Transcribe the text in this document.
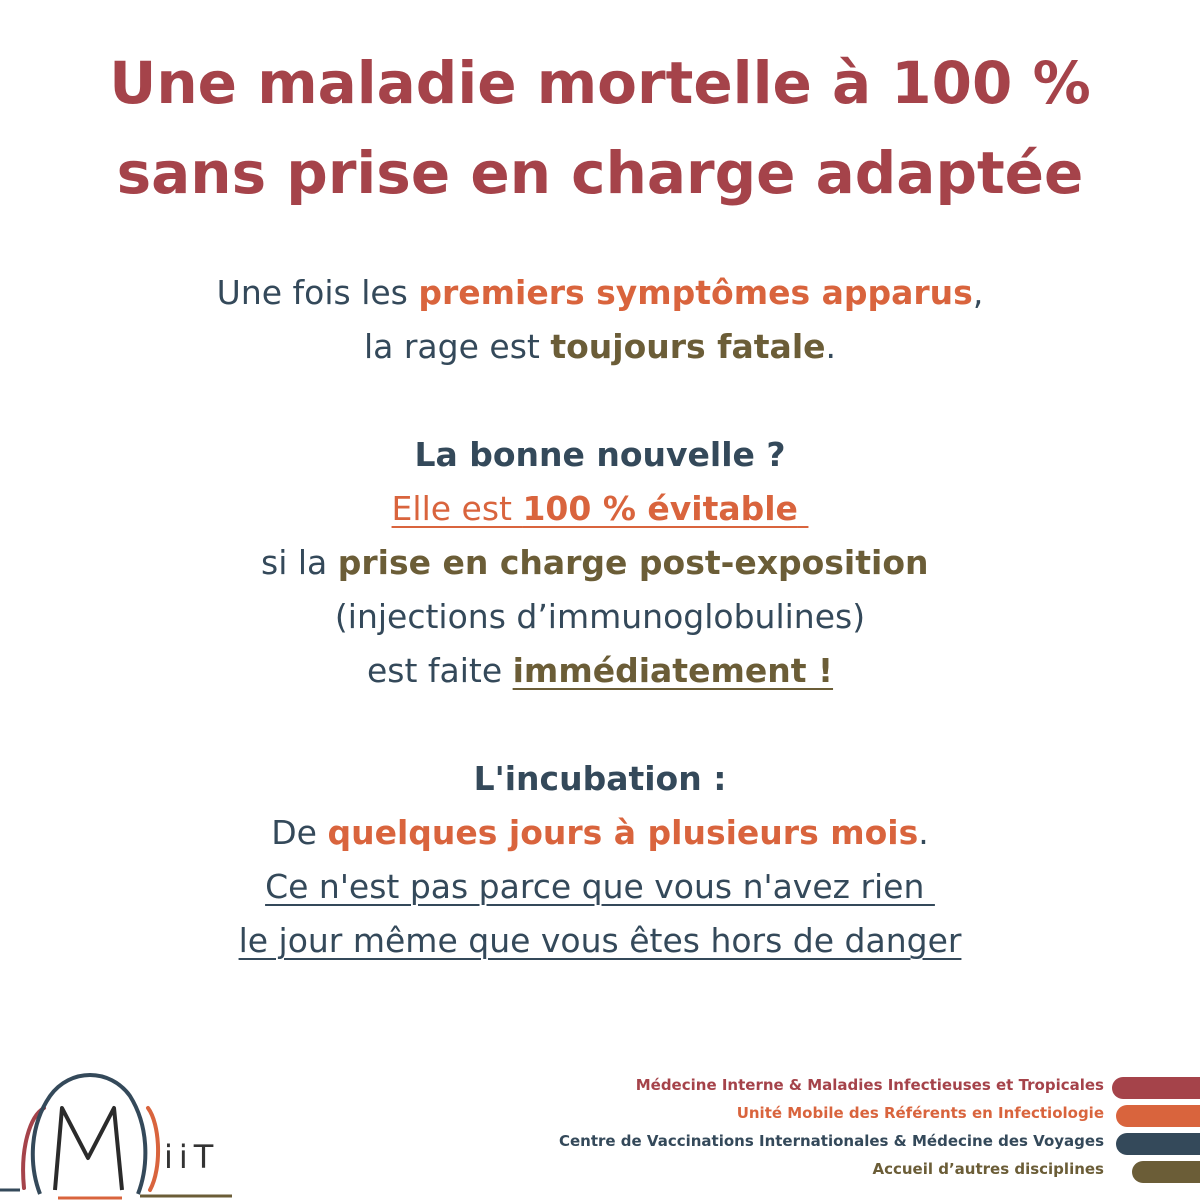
Une maladie mortelle à 100 %
sans prise en charge adaptée
Une fois les premiers symptômes apparus,
la rage est toujours fatale.
La bonne nouvelle ?
Elle est 100 % évitable
si la prise en charge post-exposition
(injections d’immunoglobulines)
est faite immédiatement !
L'incubation :
De quelques jours à plusieurs mois.
Ce n'est pas parce que vous n'avez rien
le jour même que vous êtes hors de danger
iiT
Médecine Interne & Maladies Infectieuses et Tropicales
Unité Mobile des Référents en Infectiologie
Centre de Vaccinations Internationales & Médecine des Voyages
Accueil d’autres disciplines
